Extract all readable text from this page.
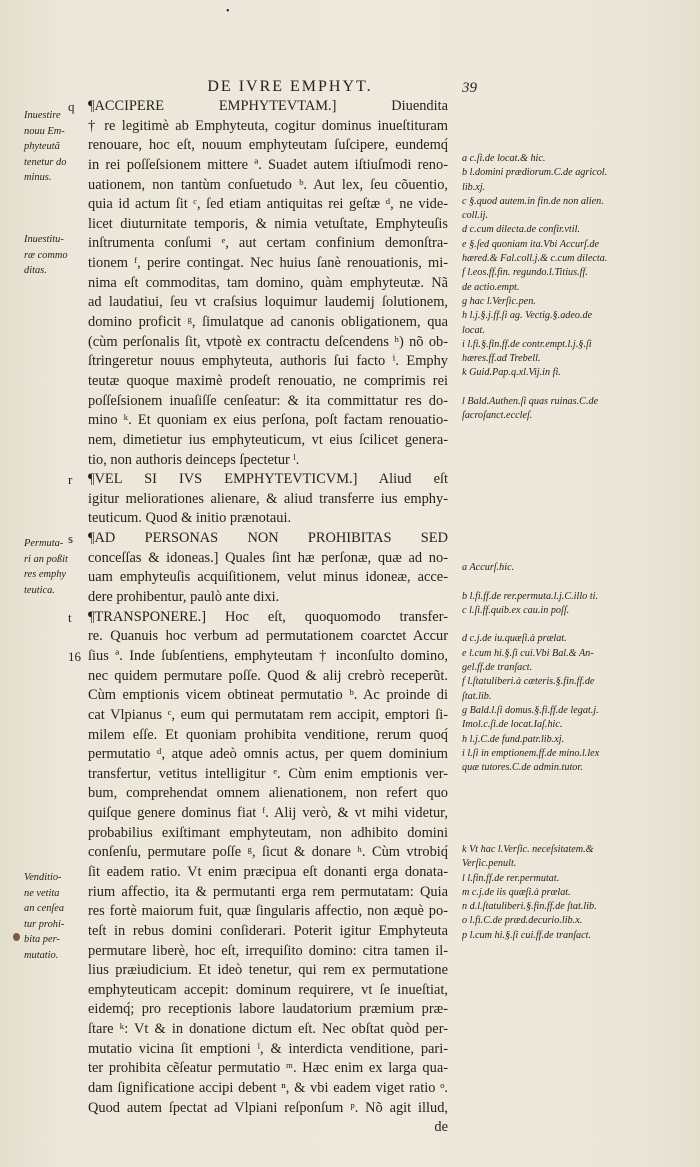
•
DE IVRE EMPHYT.	39
Inuestire
nouu Em-
phyteutã
tenetur do
minus.
Inuestitu-
ræ commo
ditas.
Permuta-
ri an poßit
res emphy
teutica.
Venditio-
ne vetita
an cenſea
tur prohi-
bita per-
mutatio.
¶ACCIPERE EMPHYTEVTAM.] Diuendita
q
† re legitimè ab Emphyteuta, cogitur dominus inueſtituram
renouare, hoc eſt, nouum emphyteutam ſuſcipere, eundemq́
in rei poſſeſsionem mittere ª. Suadet autem iſtiuſmodi reno-
uationem, non tantùm conſuetudo ᵇ. Aut lex, ſeu cõuentio,
quia id actum ſit ᶜ, ſed etiam antiquitas rei geſtæ ᵈ, ne vide-
licet diuturnitate temporis, & nimia vetuſtate, Emphyteuſis
inſtrumenta conſumi ᵉ, aut certam confinium demonſtra-
tionem ᶠ, perire contingat. Nec huius ſanè renouationis, mi-
nima eſt commoditas, tam domino, quàm emphyteutæ. Nã
ad laudatiui, ſeu vt craſsius loquimur laudemij ſolutionem,
domino proficit ᵍ, ſimulatque ad canonis obligationem, qua
(cùm perſonalis ſit, vtpotè ex contractu deſcendens ʰ) nõ ob-
ſtringeretur nouus emphyteuta, authoris ſui facto ⁱ. Emphy
teutæ quoque maximè prodeſt renouatio, ne comprimis rei
poſſeſsionem inuaſiſſe cenſeatur: & ita committatur res do-
mino ᵏ. Et quoniam ex eius perſona, poſt factam renouatio-
nem, dimetietur ius emphyteuticum, vt eius ſcilicet genera-
tio, non authoris deinceps ſpectetur ˡ.
¶VEL SI IVS EMPHYTEVTICVM.] Aliud eſt
r
igitur meliorationes alienare, & aliud transferre ius emphy-
teuticum. Quod & initio prænotaui.
¶AD PERSONAS NON PROHIBITAS SED
s
conceſſas & idoneas.] Quales ſint hæ perſonæ, quæ ad no-
uam emphyteuſis acquiſitionem, velut minus idoneæ, acce-
dere prohibentur, paulò ante dixi.
¶TRANSPONERE.] Hoc eſt, quoquomodo transfer-
t
re. Quanuis hoc verbum ad permutationem coarctet Accur
ſius ª. Inde ſubſentiens, emphyteutam † inconſulto domino,
16
nec quidem permutare poſſe. Quod & alij crebrò receperũt.
Cùm emptionis vicem obtineat permutatio ᵇ. Ac proinde di
cat Vlpianus ᶜ, eum qui permutatam rem accipit, emptori ſi-
milem eſſe. Et quoniam prohibita venditione, rerum quoq́
permutatio ᵈ, atque adeò omnis actus, per quem dominium
transfertur, vetitus intelligitur ᵉ. Cùm enim emptionis ver-
bum, comprehendat omnem alienationem, non refert quo
quiſque genere dominus fiat ᶠ. Alij verò, & vt mihi videtur,
probabilius exiſtimant emphyteutam, non adhibito domini
conſenſu, permutare poſſe ᵍ, ſicut & donare ʰ. Cùm vtrobiq́
ſit eadem ratio. Vt enim præcipua eſt donanti erga donata-
rium affectio, ita & permutanti erga rem permutatam: Quia
res fortè maiorum fuit, quæ ſingularis affectio, non æquè po-
teſt in rebus domini conſiderari. Poterit igitur Emphyteuta
permutare liberè, hoc eſt, irrequiſito domino: citra tamen il-
lius præiudicium. Et ideò tenetur, qui rem ex permutatione
emphyteuticam accepit: dominum requirere, vt ſe inueſtiat,
eidemq́; pro receptionis labore laudatorium præmium præ-
ſtare ᵏ: Vt & in donatione dictum eſt. Nec obſtat quòd per-
mutatio vicina ſit emptioni ˡ, & interdicta venditione, pari-
ter prohibita cẽſeatur permutatio ᵐ. Hæc enim ex larga qua-
dam ſignificatione accipi debent ⁿ, & vbi eadem viget ratio ᵒ.
Quod autem ſpectat ad Vlpiani reſponſum ᵖ. Nõ agit illud,
de
a c.ſi.de locat.& hic.
b l.domini prædiorum.C.de agricol.
lib.xj.
c §.quod autem.in fin.de non alien.
coll.ij.
d c.cum dilecta.de confir.vtil.
e §.ſed quoniam ita.Vbi Accurſ.de
hæred.& Fal.coll.j.& c.cum dilecta.
f l.eos.ff.fin. regundo.l.Titius.ff.
de actio.empt.
g hac l.Verſic.pen.
h l.j.§.j.ff.ſi ag. Vectig.§.adeo.de
locat.
i l.fi.§.fin.ff.de contr.empt.l.j.§.ſi
hæres.ff.ad Trebell.
k Guid.Pap.q.xl.Vij.in fi.

l Bald.Authen.ſi quas ruinas.C.de
ſacroſanct.eccleſ.
a Accurſ.hic.

b l.fi.ff.de rer.permuta.l.j.C.illo ti.
c l.ſi.ff.quib.ex cau.in poſſ.

d c.j.de iu.quæſi.à prælat.
e l.cum hi.§.ſi cui.Vbi Bal.& An-
gel.ff.de tranſact.
f l.ſtatuliberi.à cæteris.§.fin.ff.de
ſtat.lib.
g Bald.l.ſi domus.§.fi.ff.de legat.j.
Imol.c.ſi.de locat.Iaſ.hic.
h l.j.C.de fund.patr.lib.xj.
i l.ſi in emptionem.ff.de mino.l.lex
quæ tutores.C.de admin.tutor.
k Vt hac l.Verſic. neceſsitatem.&
Verſic.penult.
l l.fin.ff.de rer.permutat.
m c.j.de iis quæſi.à prælat.
n d.l.ſtatuliberi.§.fin.ff.de ſtat.lib.
o l.fi.C.de præd.decurio.lib.x.
p l.cum hi.§.ſi cui.ff.de tranſact.
